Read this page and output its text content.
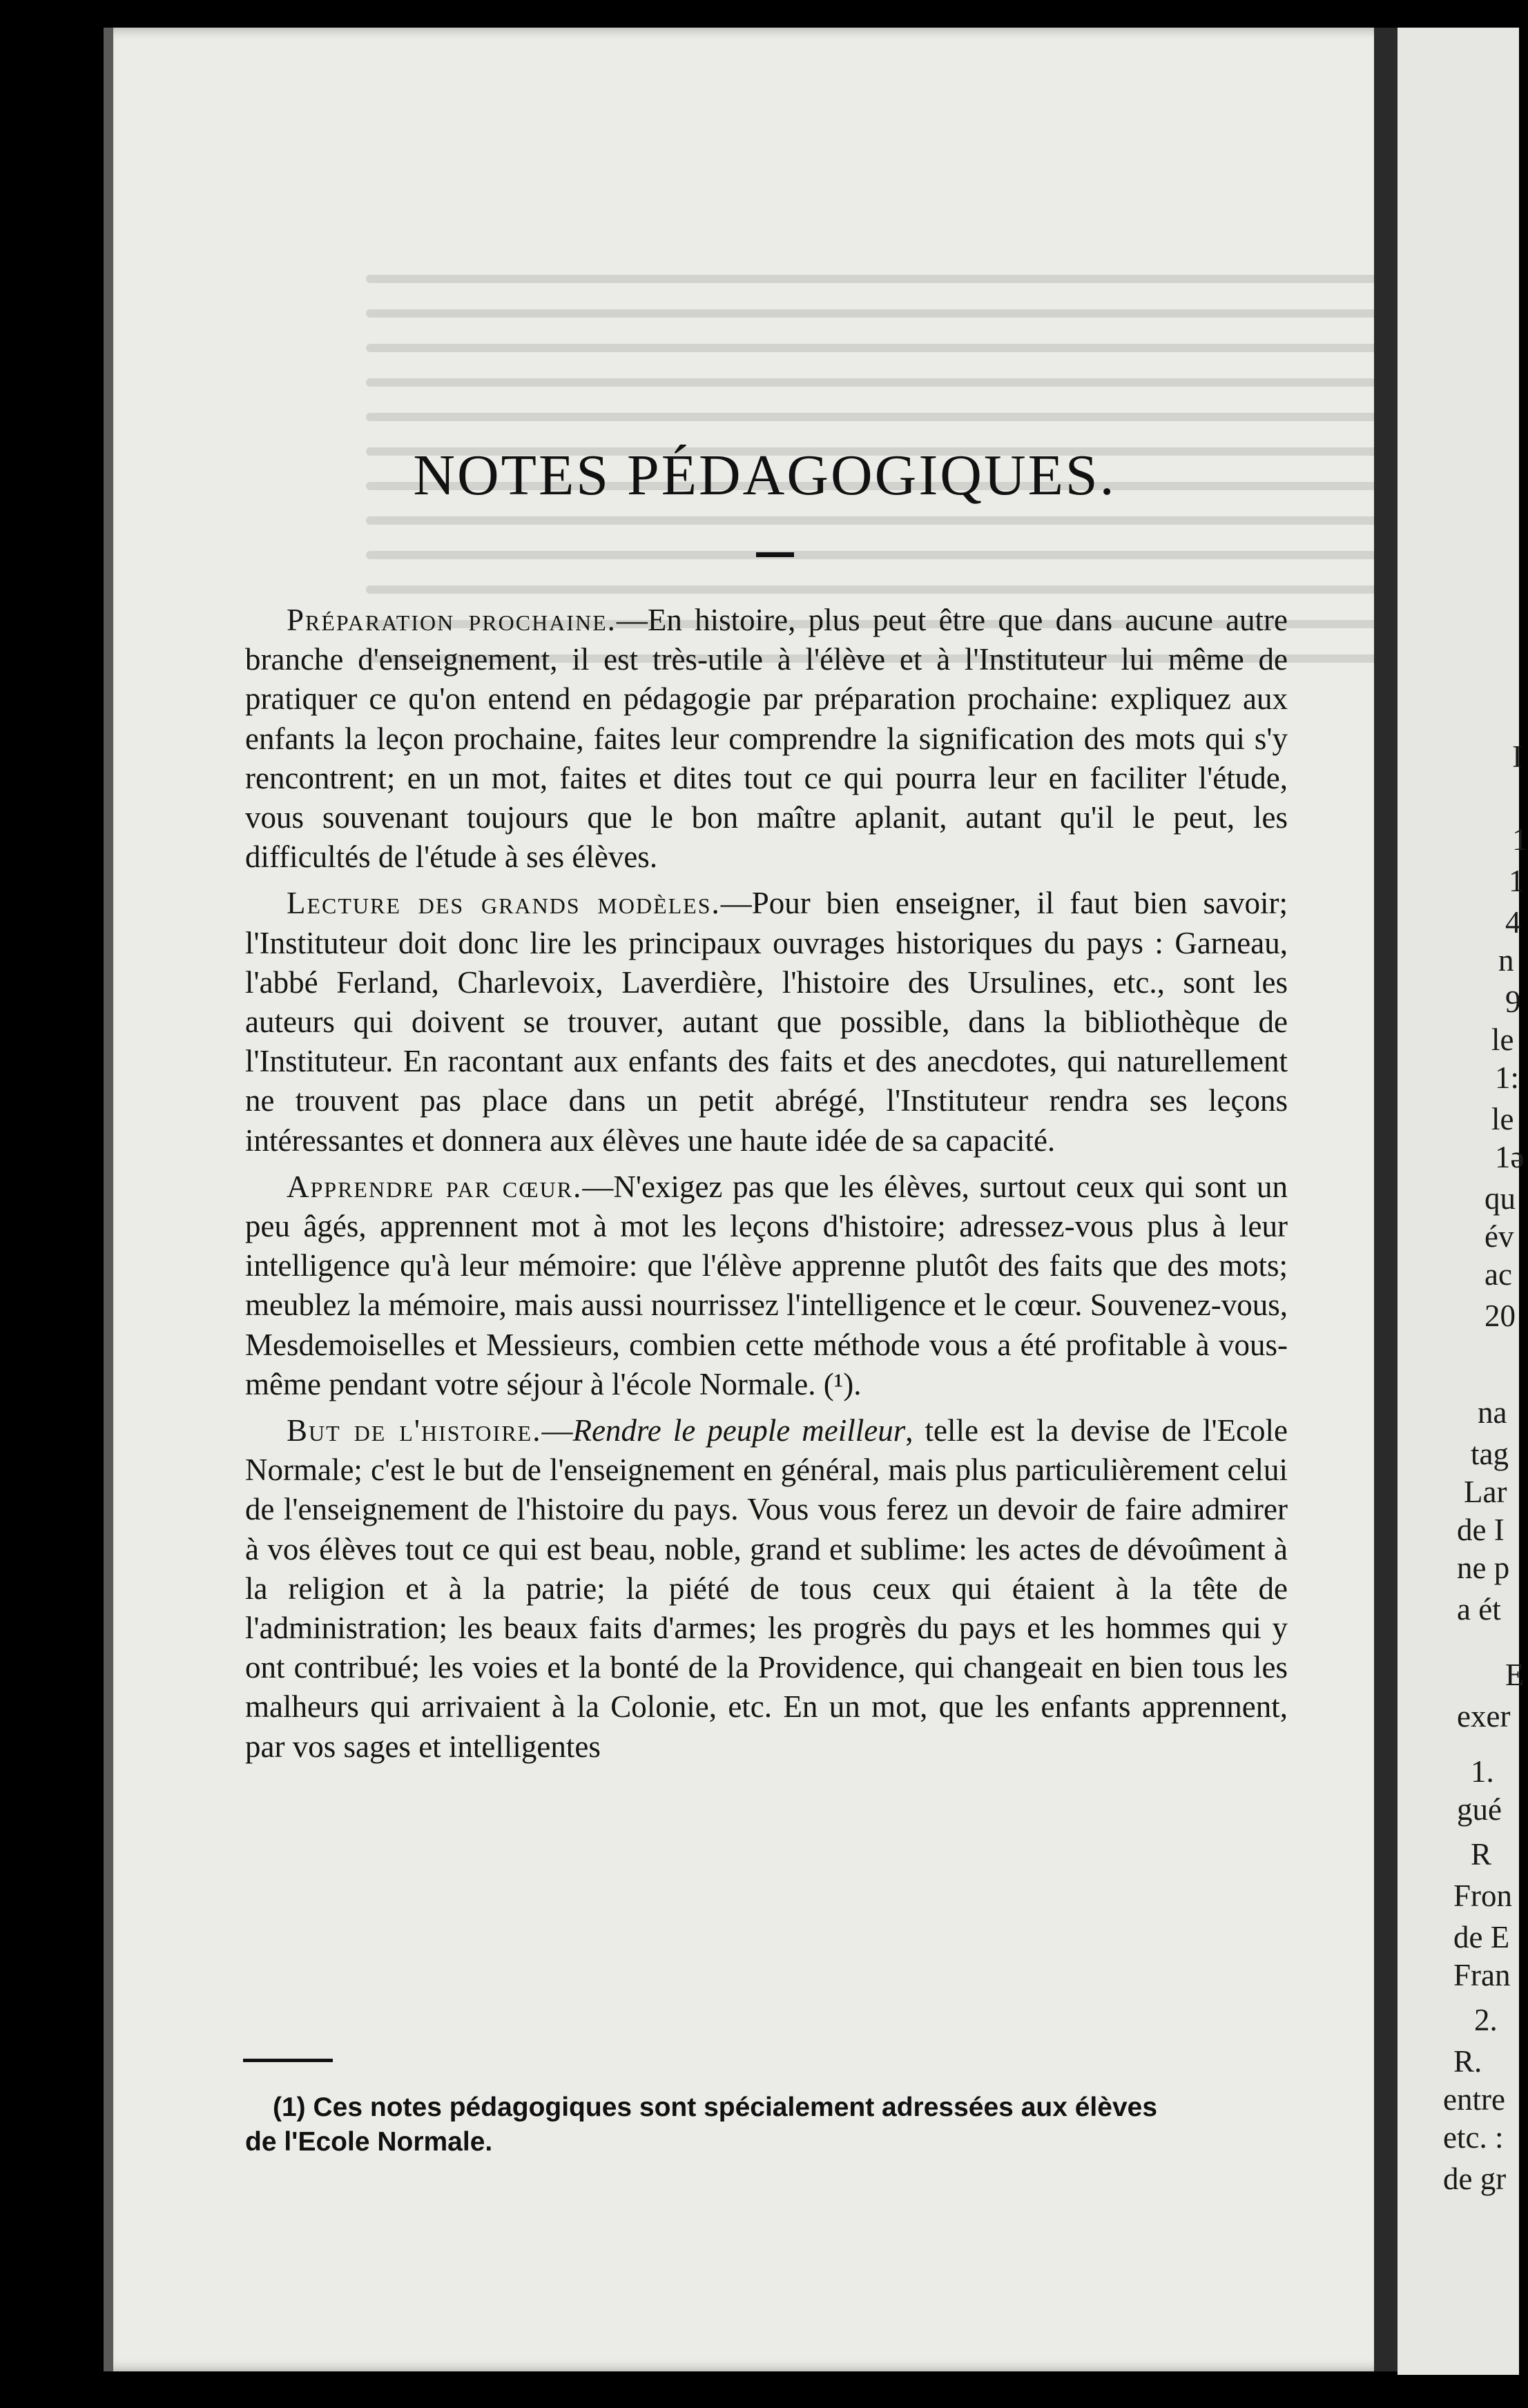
NOTES PÉDAGOGIQUES.

Préparation prochaine.—En histoire, plus peut être que dans aucune autre branche d'enseignement, il est très-utile à l'élève et à l'Instituteur lui même de pratiquer ce qu'on entend en pédagogie par préparation prochaine: expliquez aux enfants la leçon prochaine, faites leur comprendre la signification des mots qui s'y rencontrent; en un mot, faites et dites tout ce qui pourra leur en faciliter l'étude, vous souvenant toujours que le bon maître aplanit, autant qu'il le peut, les difficultés de l'étude à ses élèves.

Lecture des grands modèles.—Pour bien enseigner, il faut bien savoir; l'Instituteur doit donc lire les principaux ouvrages historiques du pays : Garneau, l'abbé Ferland, Charlevoix, Laverdière, l'histoire des Ursulines, etc., sont les auteurs qui doivent se trouver, autant que possible, dans la bibliothèque de l'Instituteur. En racontant aux enfants des faits et des anecdotes, qui naturellement ne trouvent pas place dans un petit abrégé, l'Instituteur rendra ses leçons intéressantes et donnera aux élèves une haute idée de sa capacité.

Apprendre par cœur.—N'exigez pas que les élèves, surtout ceux qui sont un peu âgés, apprennent mot à mot les leçons d'histoire; adressez-vous plus à leur intelligence qu'à leur mémoire: que l'élève apprenne plutôt des faits que des mots; meublez la mémoire, mais aussi nourrissez l'intelligence et le cœur. Souvenez-vous, Mesdemoiselles et Messieurs, combien cette méthode vous a été profitable à vous-même pendant votre séjour à l'école Normale. (¹).

But de l'histoire.—Rendre le peuple meilleur, telle est la devise de l'Ecole Normale; c'est le but de l'enseignement en général, mais plus particulièrement celui de l'enseignement de l'histoire du pays. Vous vous ferez un devoir de faire admirer à vos élèves tout ce qui est beau, noble, grand et sublime: les actes de dévoûment à la religion et à la patrie; la piété de tous ceux qui étaient à la tête de l'administration; les beaux faits d'armes; les progrès du pays et les hommes qui y ont contribué; les voies et la bonté de la Providence, qui changeait en bien tous les malheurs qui arrivaient à la Colonie, etc. En un mot, que les enfants apprennent, par vos sages et intelligentes

(1) Ces notes pédagogiques sont spécialement adressées aux élèves
de l'Ecole Normale.
I
1
1
4
n
9
le
1:
le
1ǝ
qu
év
ac
20
na
tag
Lar
de I
ne p
a ét
E
exer
1.
gué
R
Fron
de E
Fran
2.
R.
entre
etc. :
de gr
